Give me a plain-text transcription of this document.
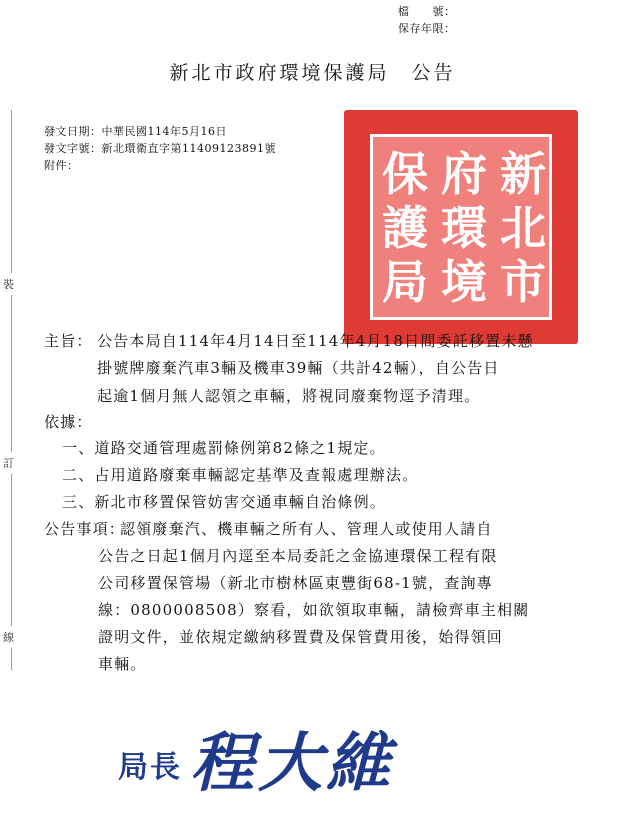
檔　　號：
保存年限：
新北市政府環境保護局 公告
裝
訂
線
發文日期：中華民國114年5月16日
發文字號：新北環衛直字第11409123891號
附件：	新
北
市
府
環
境
保
護
局
主旨： 公告本局自114年4月14日至114年4月18日間委託移置未懸
掛號牌廢棄汽車3輛及機車39輛（共計42輛），自公告日
起逾1個月無人認領之車輛，將視同廢棄物逕予清理。
依據：
一、道路交通管理處罰條例第82條之1規定。
二、占用道路廢棄車輛認定基準及查報處理辦法。
三、新北市移置保管妨害交通車輛自治條例。
公告事項：
認領廢棄汽、機車輛之所有人、管理人或使用人請自
公告之日起1個月內逕至本局委託之金協連環保工程有限
公司移置保管場（新北市樹林區東豐街68-1號，查詢專
線：0800008508）察看，如欲領取車輛，請檢齊車主相關
證明文件，並依規定繳納移置費及保管費用後，始得領回
車輛。
局長 程大維
